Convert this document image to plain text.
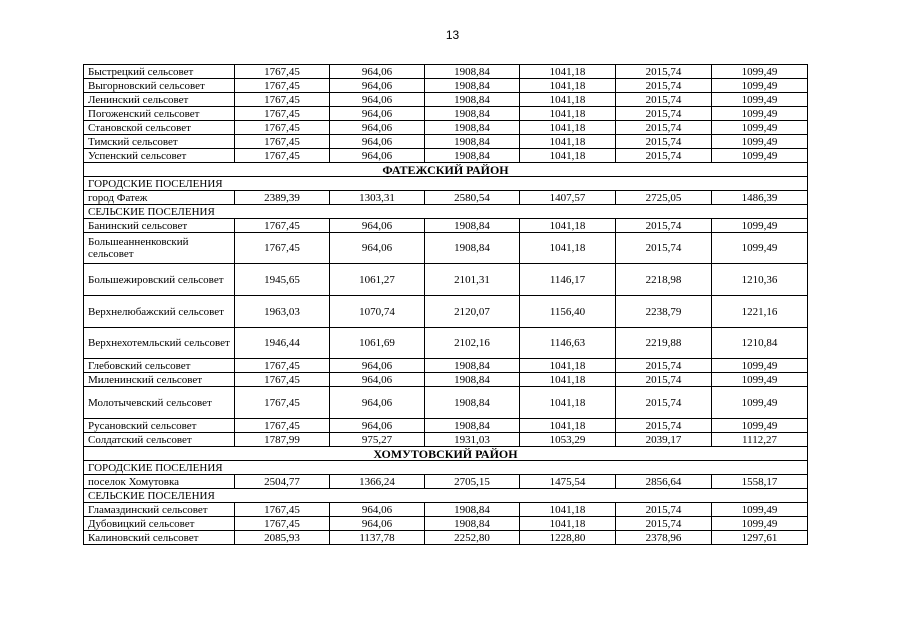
13
Быстрецкий сельсовет	1767,45	964,06	1908,84	1041,18	2015,74	1099,49
Выгорновский сельсовет	1767,45	964,06	1908,84	1041,18	2015,74	1099,49
Ленинский сельсовет	1767,45	964,06	1908,84	1041,18	2015,74	1099,49
Погоженский сельсовет	1767,45	964,06	1908,84	1041,18	2015,74	1099,49
Становской сельсовет	1767,45	964,06	1908,84	1041,18	2015,74	1099,49
Тимский сельсовет	1767,45	964,06	1908,84	1041,18	2015,74	1099,49
Успенский сельсовет	1767,45	964,06	1908,84	1041,18	2015,74	1099,49
ФАТЕЖСКИЙ РАЙОН						
ГОРОДСКИЕ ПОСЕЛЕНИЯ						
город Фатеж	2389,39	1303,31	2580,54	1407,57	2725,05	1486,39
СЕЛЬСКИЕ ПОСЕЛЕНИЯ						
Банинский сельсовет	1767,45	964,06	1908,84	1041,18	2015,74	1099,49
Большеанненковский сельсовет	1767,45	964,06	1908,84	1041,18	2015,74	1099,49
Большежировский сельсовет	1945,65	1061,27	2101,31	1146,17	2218,98	1210,36
Верхнелюбажский сельсовет	1963,03	1070,74	2120,07	1156,40	2238,79	1221,16
Верхнехотемльский сельсовет	1946,44	1061,69	2102,16	1146,63	2219,88	1210,84
Глебовский сельсовет	1767,45	964,06	1908,84	1041,18	2015,74	1099,49
Миленинский сельсовет	1767,45	964,06	1908,84	1041,18	2015,74	1099,49
Молотычевский сельсовет	1767,45	964,06	1908,84	1041,18	2015,74	1099,49
Русановский сельсовет	1767,45	964,06	1908,84	1041,18	2015,74	1099,49
Солдатский сельсовет	1787,99	975,27	1931,03	1053,29	2039,17	1112,27
ХОМУТОВСКИЙ РАЙОН						
ГОРОДСКИЕ ПОСЕЛЕНИЯ						
поселок Хомутовка	2504,77	1366,24	2705,15	1475,54	2856,64	1558,17
СЕЛЬСКИЕ ПОСЕЛЕНИЯ						
Гламаздинский сельсовет	1767,45	964,06	1908,84	1041,18	2015,74	1099,49
Дубовицкий сельсовет	1767,45	964,06	1908,84	1041,18	2015,74	1099,49
Калиновский сельсовет	2085,93	1137,78	2252,80	1228,80	2378,96	1297,61
